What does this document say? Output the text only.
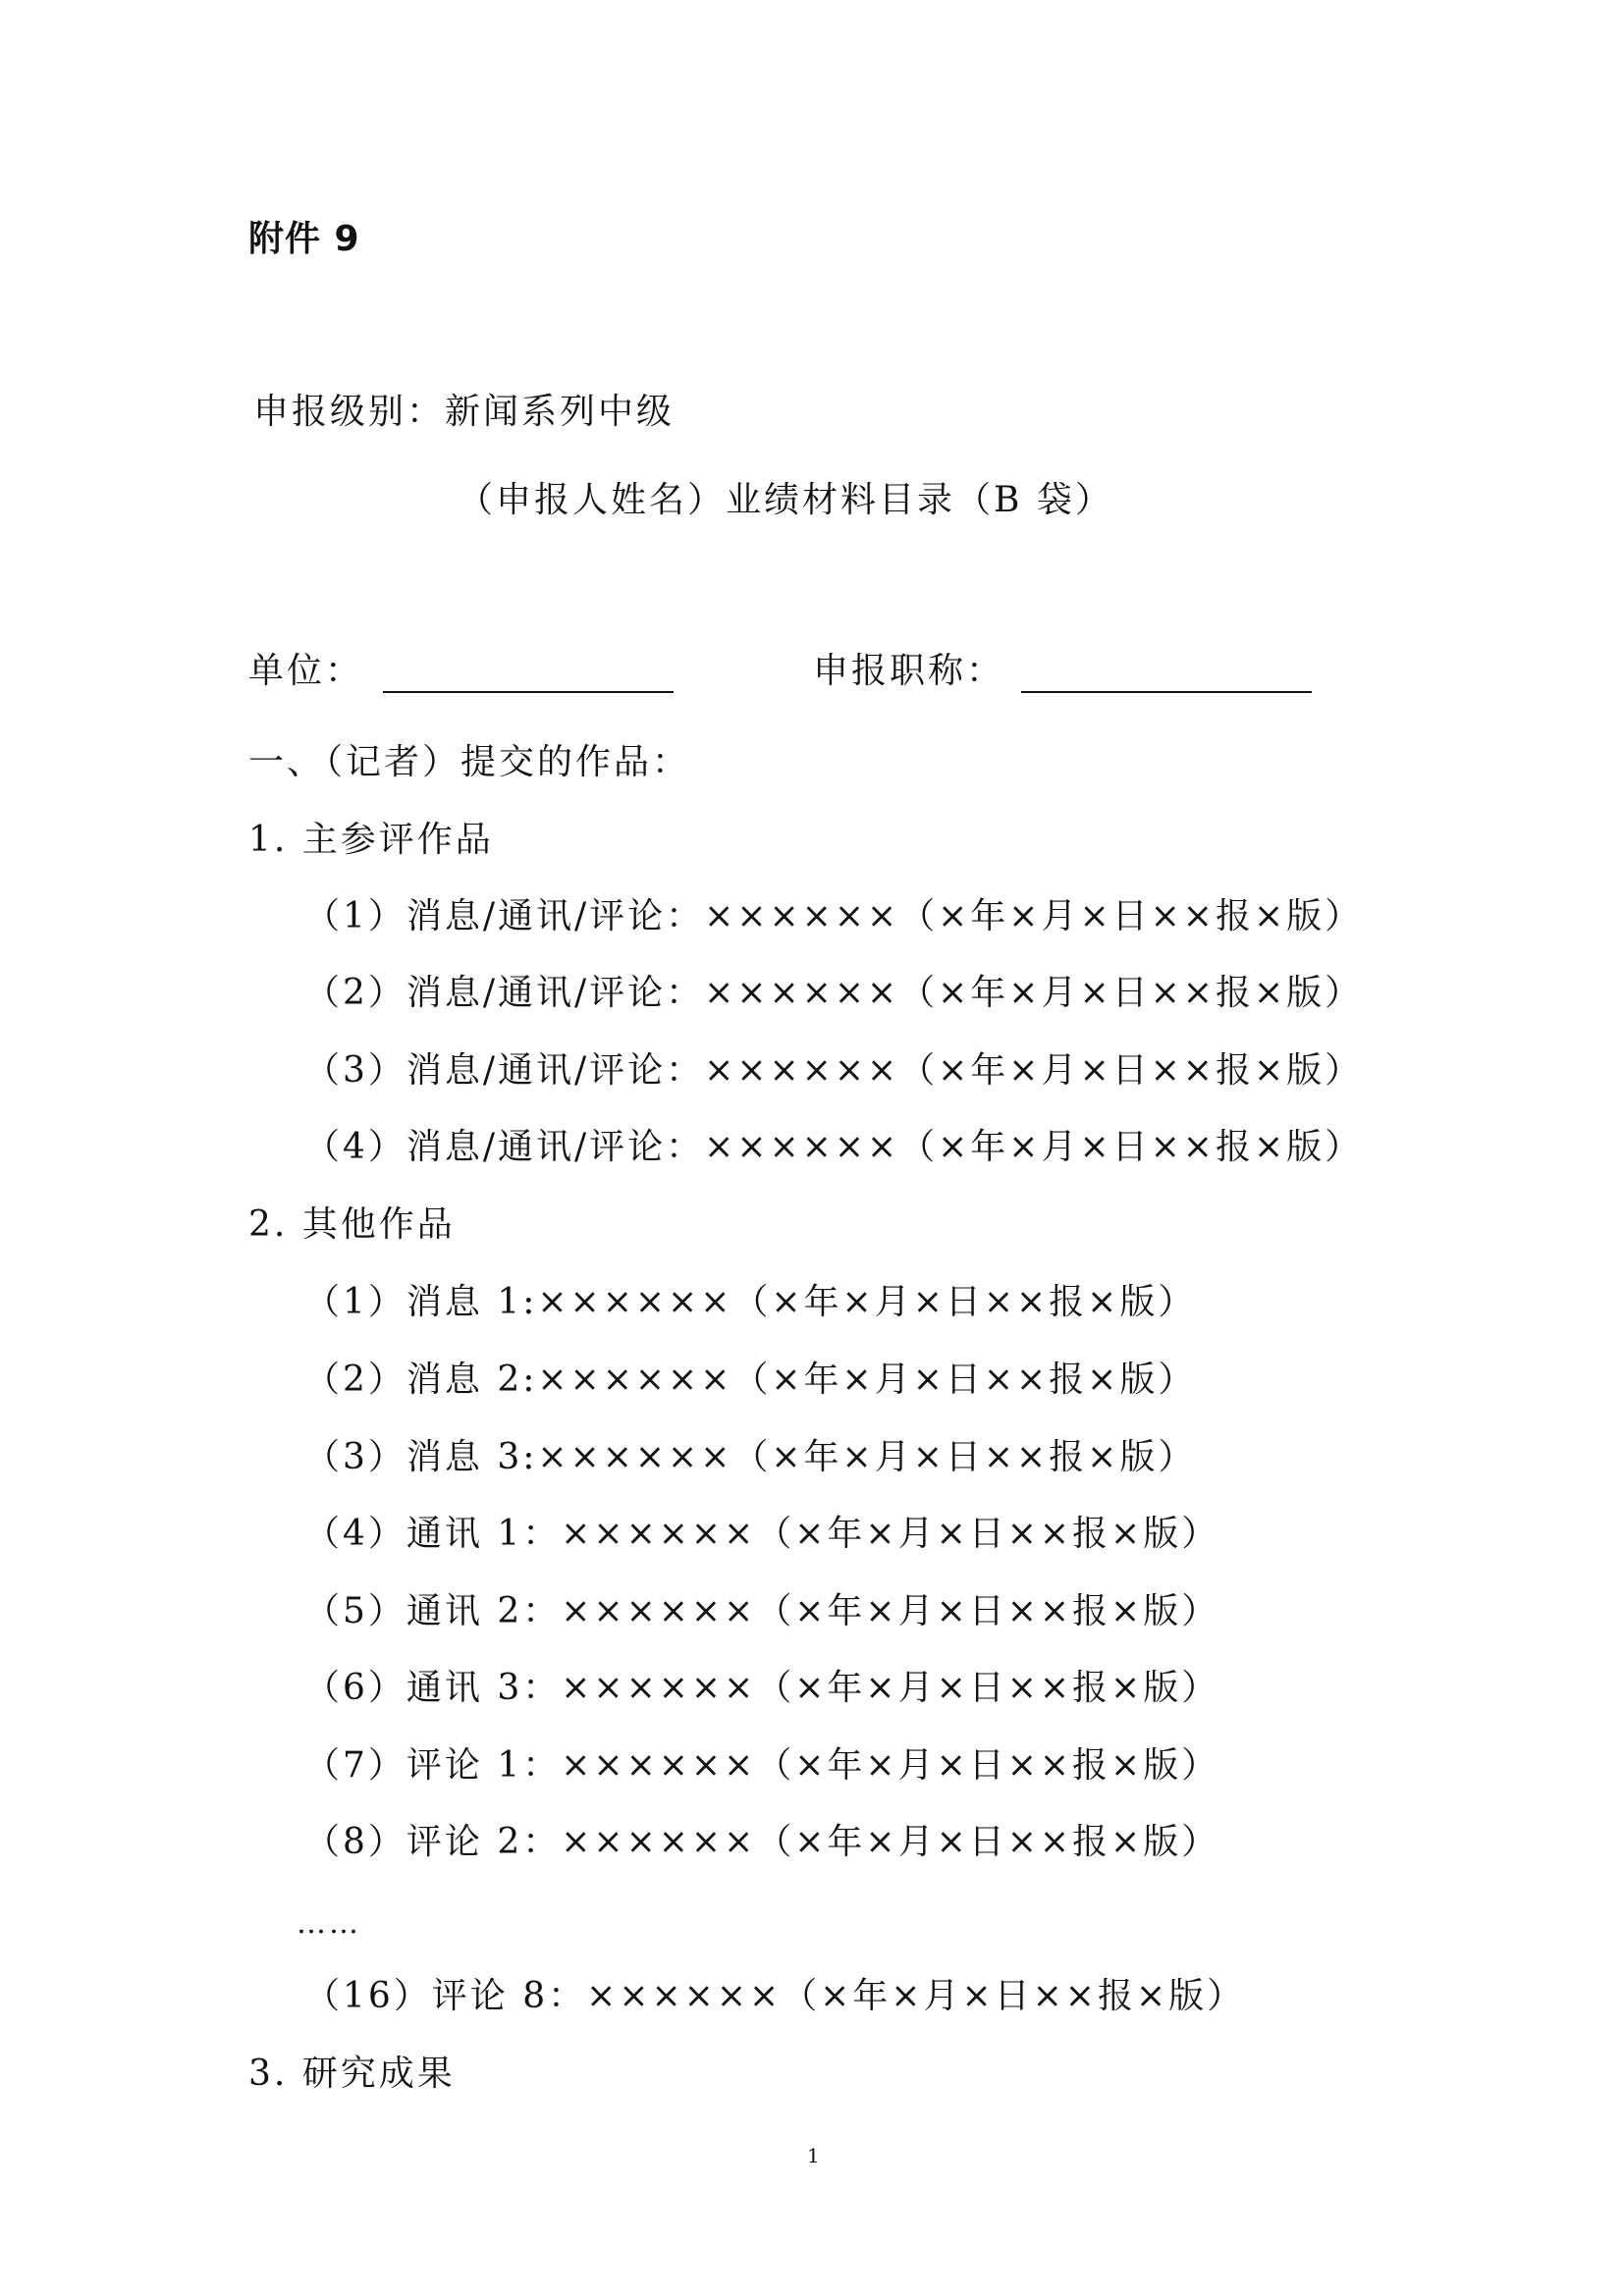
附件 9
申报级别：新闻系列中级
（申报人姓名）业绩材料目录（B 袋）
单位：	申报职称：
一、（记者）提交的作品：
1. 主参评作品
（1）消息/通讯/评论：××××××（×年×月×日××报×版）
（2）消息/通讯/评论：××××××（×年×月×日××报×版）
（3）消息/通讯/评论：××××××（×年×月×日××报×版）
（4）消息/通讯/评论：××××××（×年×月×日××报×版）
2. 其他作品
（1）消息 1:××××××（×年×月×日××报×版）
（2）消息 2:××××××（×年×月×日××报×版）
（3）消息 3:××××××（×年×月×日××报×版）
（4）通讯 1：××××××（×年×月×日××报×版）
（5）通讯 2：××××××（×年×月×日××报×版）
（6）通讯 3：××××××（×年×月×日××报×版）
（7）评论 1：××××××（×年×月×日××报×版）
（8）评论 2：××××××（×年×月×日××报×版）
……
（16）评论 8：××××××（×年×月×日××报×版）
3. 研究成果
1
